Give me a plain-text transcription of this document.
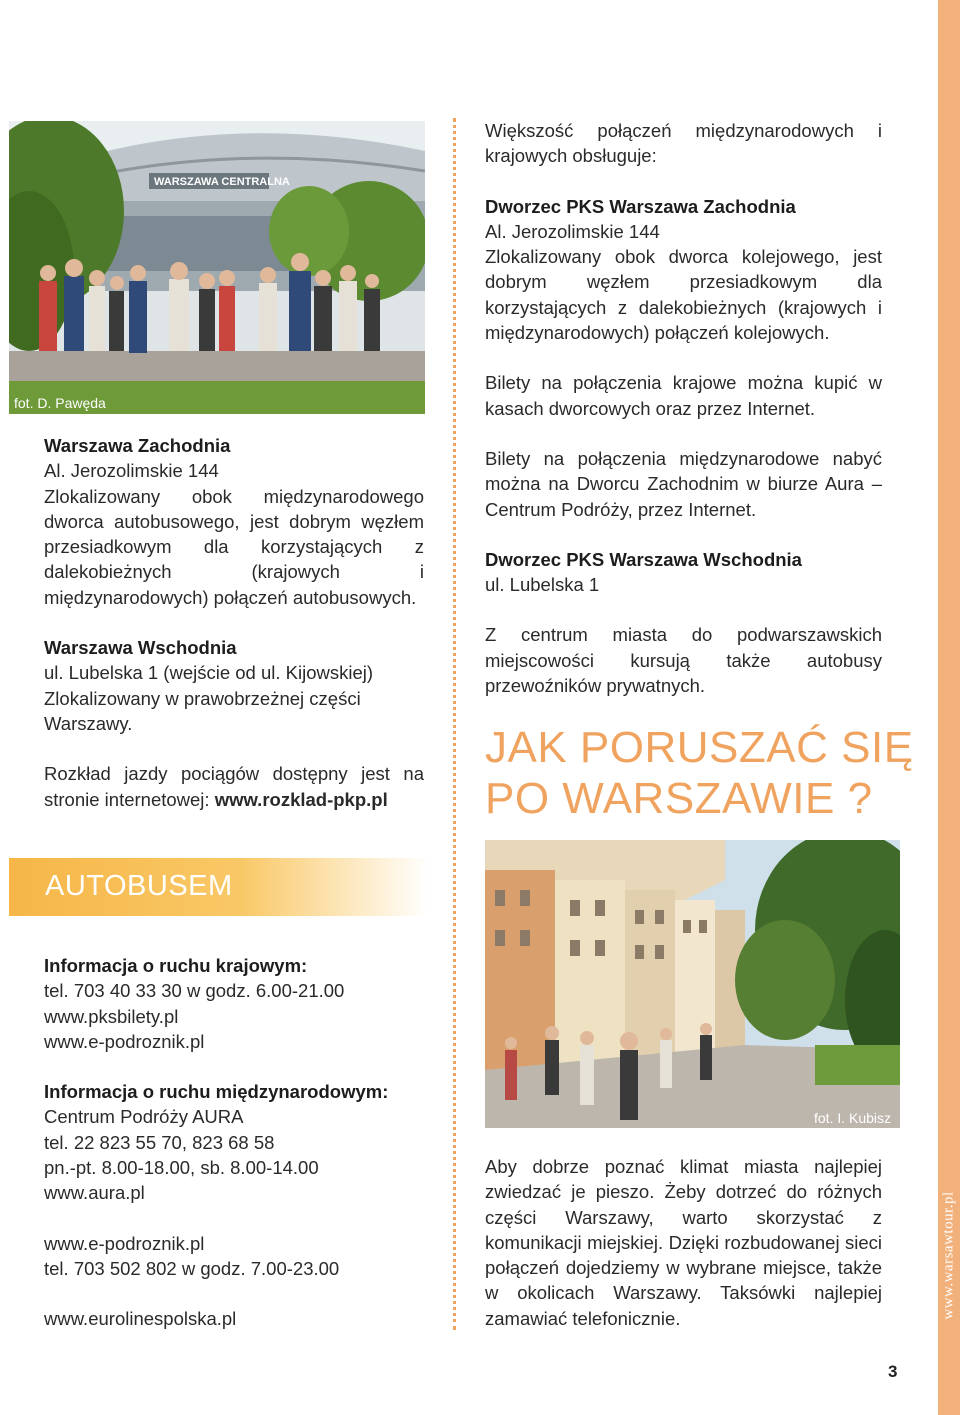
www.warsawtour.pl
WARSZAWA CENTRALNA
fot. D. Pawęda

Warszawa Zachodnia
Al. Jerozolimskie 144
Zlokalizowany obok międzynarodowego dworca autobusowego, jest dobrym węzłem przesiadkowym dla korzystających z dalekobieżnych (krajowych i międzynarodowych) połączeń autobusowych.

Warszawa Wschodnia
ul. Lubelska 1 (wejście od ul. Kijowskiej)
Zlokalizowany w prawobrzeżnej części Warszawy.

Rozkład jazdy pociągów dostępny jest na stronie internetowej: www.rozklad-pkp.pl

AUTOBUSEM

Informacja o ruchu krajowym:
tel. 703 40 33 30 w godz. 6.00-21.00
www.pksbilety.pl
www.e-podroznik.pl

Informacja o ruchu międzynarodowym:
Centrum Podróży AURA
tel. 22 823 55 70, 823 68 58
pn.-pt. 8.00-18.00, sb. 8.00-14.00
www.aura.pl

www.e-podroznik.pl
tel. 703 502 802 w godz. 7.00-23.00

www.eurolinespolska.pl

Większość połączeń międzynarodowych i krajowych obsługuje:

Dworzec PKS Warszawa Zachodnia
Al. Jerozolimskie 144
Zlokalizowany obok dworca kolejowego, jest dobrym węzłem przesiadkowym dla korzystających z dalekobieżnych (krajowych i międzynarodowych) połączeń kolejowych.

Bilety na połączenia krajowe można kupić w kasach dworcowych oraz przez Internet.

Bilety na połączenia międzynarodowe nabyć można na Dworcu Zachodnim w biurze Aura – Centrum Podróży, przez Internet.

Dworzec PKS Warszawa Wschodnia
ul. Lubelska 1

Z centrum miasta do podwarszawskich miejscowości kursują także autobusy przewoźników prywatnych.

JAK PORUSZAĆ SIĘ
PO WARSZAWIE ?
fot. I. Kubisz

Aby dobrze poznać klimat miasta najlepiej zwiedzać je pieszo. Żeby dotrzeć do różnych części Warszawy, warto skorzystać z komunikacji miejskiej. Dzięki rozbudowanej sieci połączeń dojedziemy w wybrane miejsce, także w okolicach Warszawy. Taksówki najlepiej zamawiać telefonicznie.

3
